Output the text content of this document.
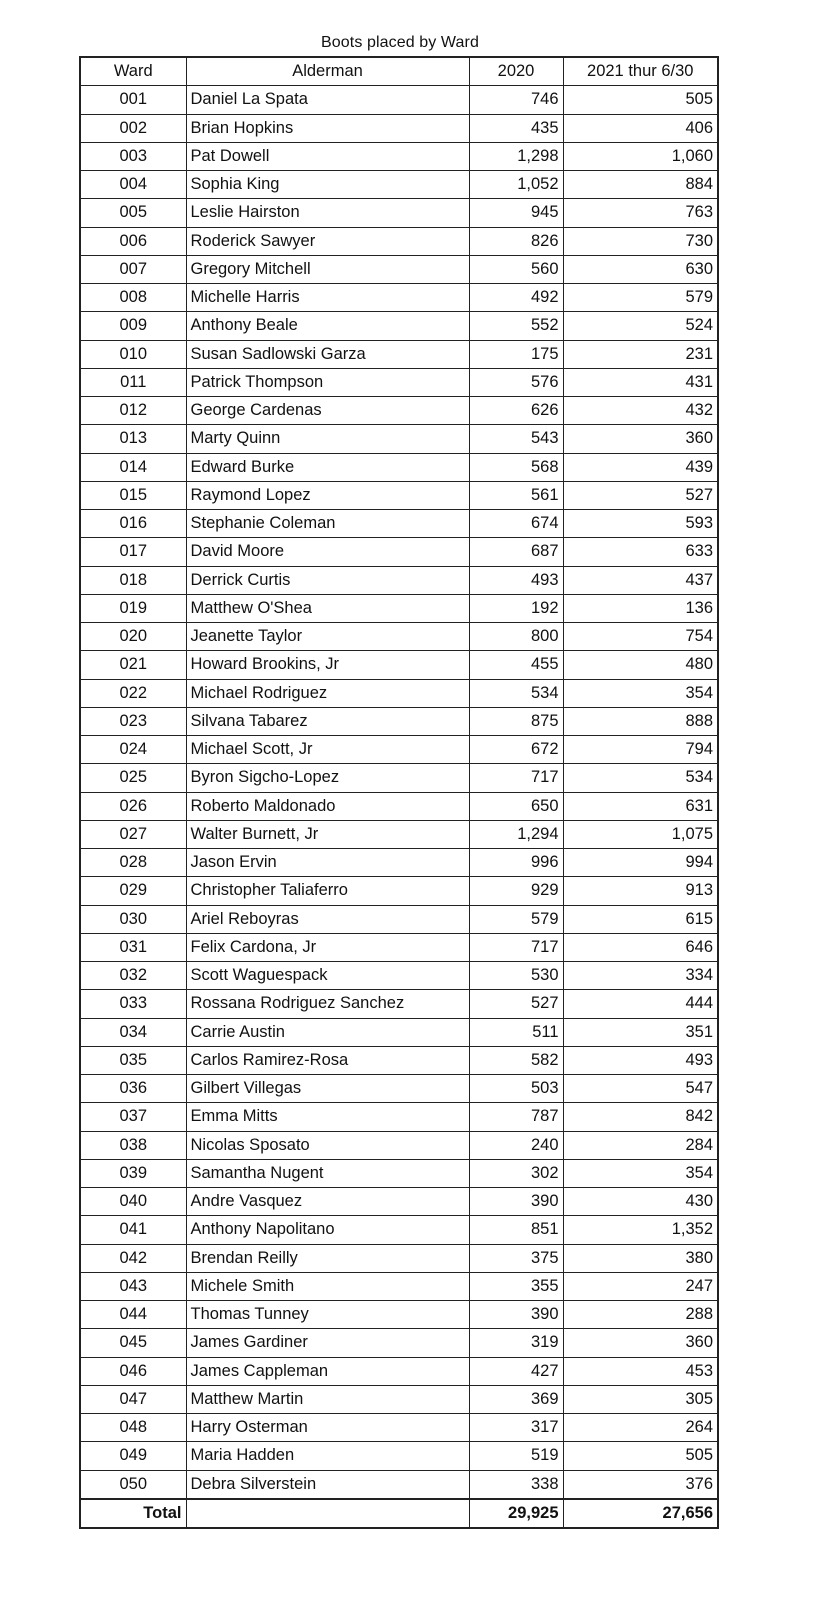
Boots placed by Ward
Ward	Alderman	2020	2021 thur 6/30
001	Daniel La Spata	746	505
002	Brian Hopkins	435	406
003	Pat Dowell	1,298	1,060
004	Sophia King	1,052	884
005	Leslie Hairston	945	763
006	Roderick Sawyer	826	730
007	Gregory Mitchell	560	630
008	Michelle Harris	492	579
009	Anthony Beale	552	524
010	Susan Sadlowski Garza	175	231
011	Patrick Thompson	576	431
012	George Cardenas	626	432
013	Marty Quinn	543	360
014	Edward Burke	568	439
015	Raymond Lopez	561	527
016	Stephanie Coleman	674	593
017	David Moore	687	633
018	Derrick Curtis	493	437
019	Matthew O'Shea	192	136
020	Jeanette Taylor	800	754
021	Howard Brookins, Jr	455	480
022	Michael Rodriguez	534	354
023	Silvana Tabarez	875	888
024	Michael Scott, Jr	672	794
025	Byron Sigcho-Lopez	717	534
026	Roberto Maldonado	650	631
027	Walter Burnett, Jr	1,294	1,075
028	Jason Ervin	996	994
029	Christopher Taliaferro	929	913
030	Ariel Reboyras	579	615
031	Felix Cardona, Jr	717	646
032	Scott Waguespack	530	334
033	Rossana Rodriguez Sanchez	527	444
034	Carrie Austin	511	351
035	Carlos Ramirez-Rosa	582	493
036	Gilbert Villegas	503	547
037	Emma Mitts	787	842
038	Nicolas Sposato	240	284
039	Samantha Nugent	302	354
040	Andre Vasquez	390	430
041	Anthony Napolitano	851	1,352
042	Brendan Reilly	375	380
043	Michele Smith	355	247
044	Thomas Tunney	390	288
045	James Gardiner	319	360
046	James Cappleman	427	453
047	Matthew Martin	369	305
048	Harry Osterman	317	264
049	Maria Hadden	519	505
050	Debra Silverstein	338	376
Total		29,925	27,656
